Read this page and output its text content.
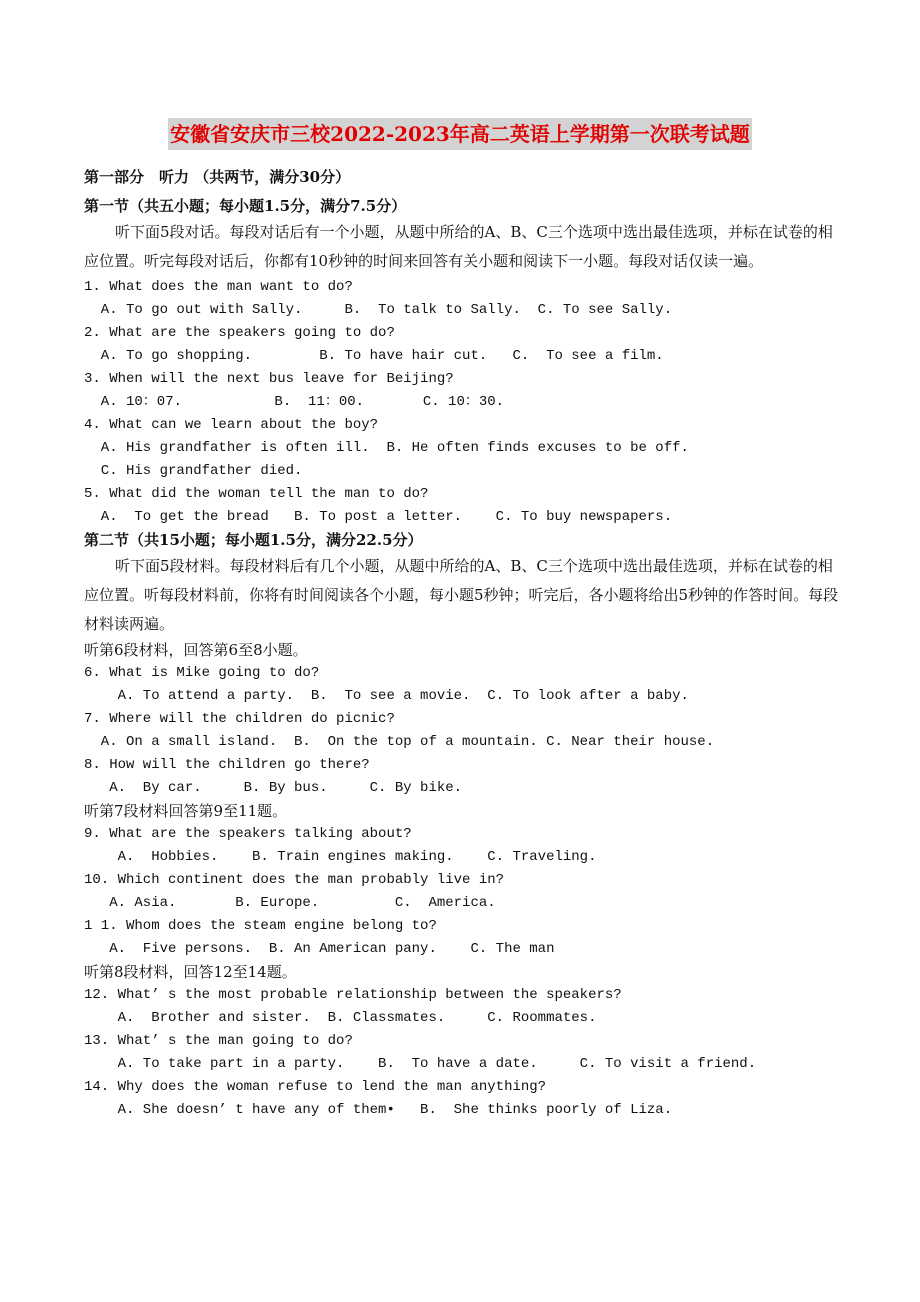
安徽省安庆市三校2022-2023年高二英语上学期第一次联考试题
第一部分　听力 （共两节，满分30分）
第一节（共五小题；每小题1.5分，满分7.5分）
听下面5段对话。每段对话后有一个小题，从题中所给的A、B、C三个选项中选出最佳选项，并标在试卷的相应位置。听完每段对话后，你都有10秒钟的时间来回答有关小题和阅读下一小题。每段对话仅读一遍。
1. What does the man want to do?
A. To go out with Sally.     B.  To talk to Sally.  C. To see Sally.
2. What are the speakers going to do?
A. To go shopping.        B. To have hair cut.   C.  To see a film.
3. When will the next bus leave for Beijing?
A. 10：07.           B.  11：00.       C. 10：30.
4. What can we learn about the boy?
A. His grandfather is often ill.  B. He often finds excuses to be off.
C. His grandfather died.
5. What did the woman tell the man to do?
A.  To get the bread   B. To post a letter.    C. To buy newspapers.
第二节（共15小题；每小题1.5分，满分22.5分）
听下面5段材料。每段材料后有几个小题，从题中所给的A、B、C三个选项中选出最佳选项，并标在试卷的相应位置。听每段材料前，你将有时间阅读各个小题，每小题5秒钟；听完后，各小题将给出5秒钟的作答时间。每段材料读两遍。
听第6段材料，回答第6至8小题。
6. What is Mike going to do?
A. To attend a party.  B.  To see a movie.  C. To look after a baby.
7. Where will the children do picnic?
A. On a small island.  B.  On the top of a mountain. C. Near their house.
8. How will the children go there?
A.  By car.     B. By bus.     C. By bike.
听第7段材料回答第9至11题。
9. What are the speakers talking about?
A.  Hobbies.    B. Train engines making.    C. Traveling.
10. Which continent does the man probably live in?
A. Asia.       B. Europe.         C.  America.
1 1. Whom does the steam engine belong to?
A.  Five persons.  B. An American pany.    C. The man
听第8段材料，回答12至14题。
12. What’ s the most probable relationship between the speakers?
A.  Brother and sister.  B. Classmates.     C. Roommates.
13. What’ s the man going to do?
A. To take part in a party.    B.  To have a date.     C. To visit a friend.
14. Why does the woman refuse to lend the man anything?
A. She doesn’ t have any of them•   B.  She thinks poorly of Liza.
